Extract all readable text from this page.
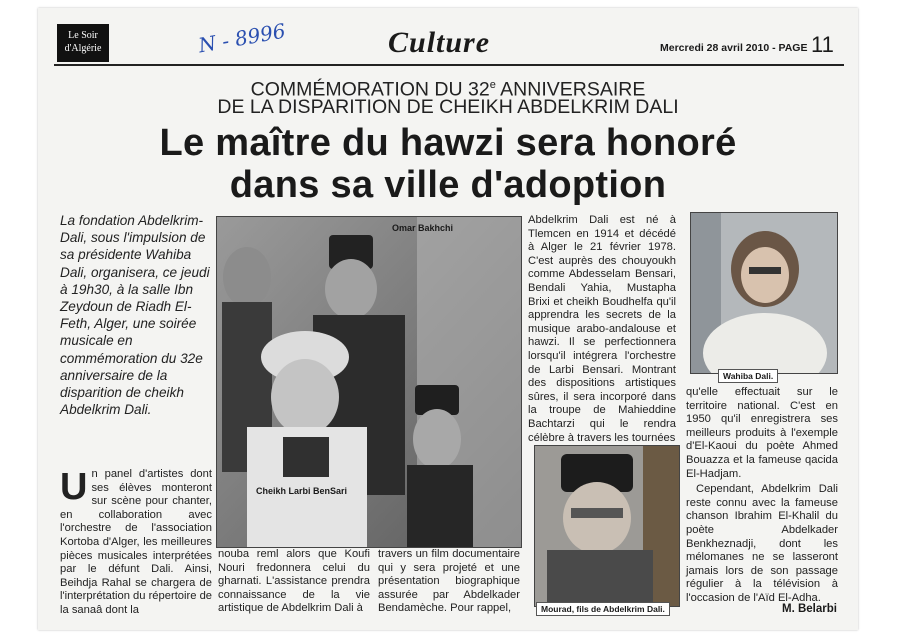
Le Soir d'Algérie	N - 8996	Culture	Mercredi 28 avril 2010 - PAGE 11
COMMÉMORATION DU 32e ANNIVERSAIRE
DE LA DISPARITION DE CHEIKH ABDELKRIM DALI
Le maître du hawzi sera honoré
dans sa ville d'adoption
La fondation Abdelkrim-Dali, sous l'impulsion de sa présidente Wahiba Dali, organisera, ce jeudi à 19h30, à la salle Ibn Zeydoun de Riadh El-Feth, Alger, une soirée musicale en commémoration du 32e anniversaire de la disparition de cheikh Abdelkrim Dali.
Un panel d'artistes dont ses élèves monteront sur scène pour chanter, en collaboration avec l'orchestre de l'association Kortoba d'Alger, les meilleures pièces musicales interprétées par le défunt Dali. Ainsi, Beihdja Rahal se chargera de l'interprétation du répertoire de la sanaâ dont la
Omar Bakhchi
Cheikh Larbi BenSari
nouba reml alors que Koufi Nouri fredonnera celui du gharnati. L'assistance prendra connaissance de la vie artistique de Abdelkrim Dali à
travers un film documentaire qui y sera projeté et une présentation biographique assurée par Abdelkader Bendamèche. Pour rappel,
Abdelkrim Dali est né à Tlemcen en 1914 et décédé à Alger le 21 février 1978. C'est auprès des chouyoukh comme Abdesselam Bensari, Bendali Yahia, Mustapha Brixi et cheikh Boudhelfa qu'il apprendra les secrets de la musique arabo-andalouse et hawzi. Il se perfectionnera lorsqu'il intégrera l'orchestre de Larbi Bensari. Montrant des dispositions artistiques sûres, il sera incorporé dans la troupe de Mahieddine Bachtarzi qui le rendra célèbre à travers les tournées
Mourad, fils de Abdelkrim Dali.
Wahiba Dali.

qu'elle effectuait sur le territoire national. C'est en 1950 qu'il enregistrera ses meilleurs produits à l'exemple d'El-Kaoui du poète Ahmed Bouazza et la fameuse qacida El-Hadjam.

Cependant, Abdelkrim Dali reste connu avec la fameuse chanson Ibrahim El-Khalil du poète Abdelkader Benkheznadji, dont les mélomanes ne se lasseront jamais lors de son passage régulier à la télévision à l'occasion de l'Aïd El-Adha.

M. Belarbi
